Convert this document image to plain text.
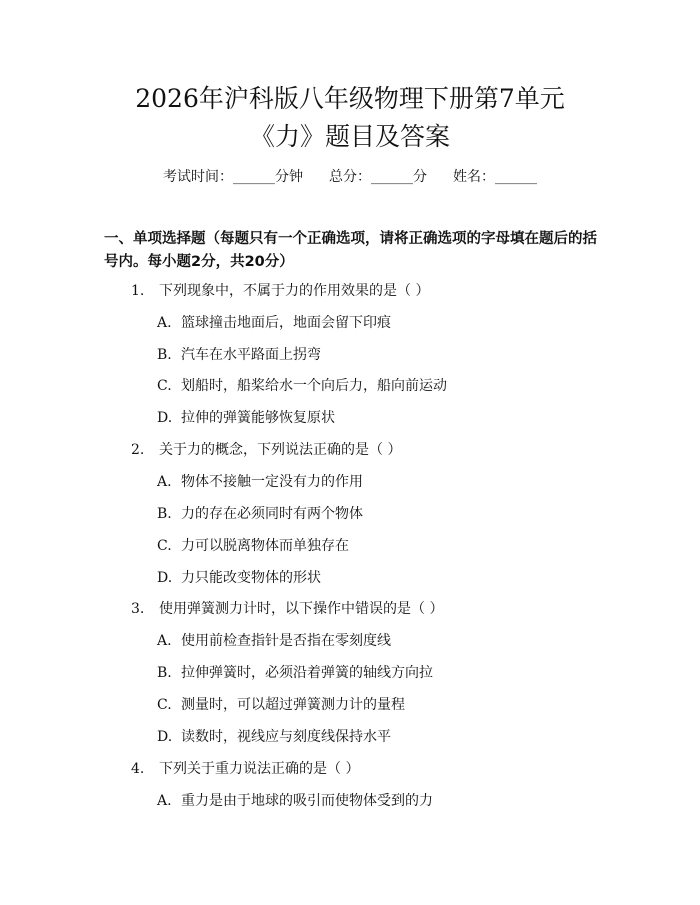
2026年沪科版八年级物理下册第7单元
《力》题目及答案
考试时间：______分钟 总分：______分 姓名：______

一、单项选择题（每题只有一个正确选项，请将正确选项的字母填在题后的括号内。每小题2分，共20分）

1. 下列现象中，不属于力的作用效果的是（ ）
A. 篮球撞击地面后，地面会留下印痕
B. 汽车在水平路面上拐弯
C. 划船时，船桨给水一个向后力，船向前运动
D. 拉伸的弹簧能够恢复原状
2. 关于力的概念，下列说法正确的是（ ）
A. 物体不接触一定没有力的作用
B. 力的存在必须同时有两个物体
C. 力可以脱离物体而单独存在
D. 力只能改变物体的形状
3. 使用弹簧测力计时，以下操作中错误的是（ ）
A. 使用前检查指针是否指在零刻度线
B. 拉伸弹簧时，必须沿着弹簧的轴线方向拉
C. 测量时，可以超过弹簧测力计的量程
D. 读数时，视线应与刻度线保持水平
4. 下列关于重力说法正确的是（ ）
A. 重力是由于地球的吸引而使物体受到的力
